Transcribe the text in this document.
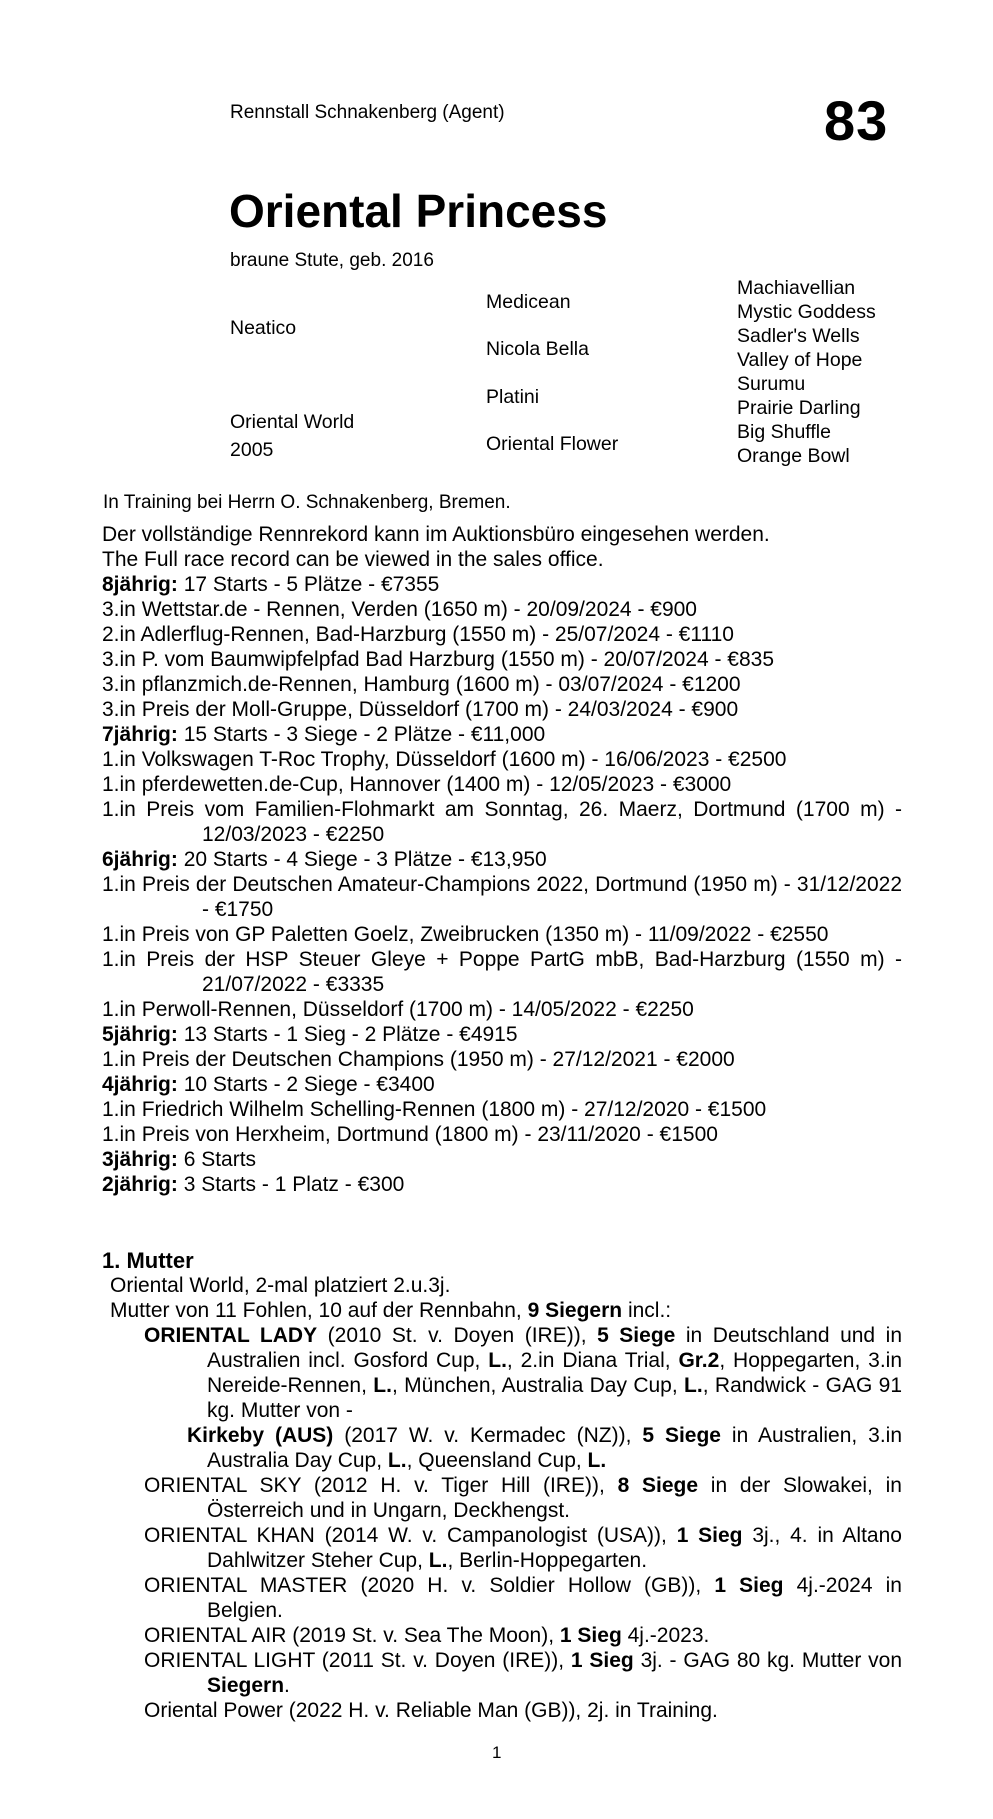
Rennstall Schnakenberg (Agent)	83
Oriental Princess
braune Stute, geb. 2016
Neatico
Oriental World
2005
Medicean
Nicola Bella
Platini
Oriental Flower
Machiavellian
Mystic Goddess
Sadler's Wells
Valley of Hope
Surumu
Prairie Darling
Big Shuffle
Orange Bowl
In Training bei Herrn O. Schnakenberg, Bremen.
Der vollständige Rennrekord kann im Auktionsbüro eingesehen werden.
The Full race record can be viewed in the sales office.
8jährig: 17 Starts - 5 Plätze - €7355
3.in Wettstar.de - Rennen, Verden (1650 m) - 20/09/2024 - €900
2.in Adlerflug-Rennen, Bad-Harzburg (1550 m) - 25/07/2024 - €1110
3.in P. vom Baumwipfelpfad Bad Harzburg (1550 m) - 20/07/2024 - €835
3.in pflanzmich.de-Rennen, Hamburg (1600 m) - 03/07/2024 - €1200
3.in Preis der Moll-Gruppe, Düsseldorf (1700 m) - 24/03/2024 - €900
7jährig: 15 Starts - 3 Siege - 2 Plätze - €11,000
1.in Volkswagen T-Roc Trophy, Düsseldorf (1600 m) - 16/06/2023 - €2500
1.in pferdewetten.de-Cup, Hannover (1400 m) - 12/05/2023 - €3000
1.in Preis vom Familien-Flohmarkt am Sonntag, 26. Maerz, Dortmund (1700 m) - 12/03/2023 - €2250
6jährig: 20 Starts - 4 Siege - 3 Plätze - €13,950
1.in Preis der Deutschen Amateur-Champions 2022, Dortmund (1950 m) - 31/12/2022 - €1750
1.in Preis von GP Paletten Goelz, Zweibrucken (1350 m) - 11/09/2022 - €2550
1.in Preis der HSP Steuer Gleye + Poppe PartG mbB, Bad-Harzburg (1550 m) - 21/07/2022 - €3335
1.in Perwoll-Rennen, Düsseldorf (1700 m) - 14/05/2022 - €2250
5jährig: 13 Starts - 1 Sieg - 2 Plätze - €4915
1.in Preis der Deutschen Champions (1950 m) - 27/12/2021 - €2000
4jährig: 10 Starts - 2 Siege - €3400
1.in Friedrich Wilhelm Schelling-Rennen (1800 m) - 27/12/2020 - €1500
1.in Preis von Herxheim, Dortmund (1800 m) - 23/11/2020 - €1500
3jährig: 6 Starts
2jährig: 3 Starts - 1 Platz - €300
1. Mutter
Oriental World, 2-mal platziert 2.u.3j.
Mutter von 11 Fohlen, 10 auf der Rennbahn, 9 Siegern incl.:
ORIENTAL LADY (2010 St. v. Doyen (IRE)), 5 Siege in Deutschland und in Australien incl. Gosford Cup, L., 2.in Diana Trial, Gr.2, Hoppegarten, 3.in Nereide-Rennen, L., München, Australia Day Cup, L., Randwick - GAG 91 kg. Mutter von -
Kirkeby (AUS) (2017 W. v. Kermadec (NZ)), 5 Siege in Australien, 3.in Australia Day Cup, L., Queensland Cup, L.
ORIENTAL SKY (2012 H. v. Tiger Hill (IRE)), 8 Siege in der Slowakei, in Österreich und in Ungarn, Deckhengst.
ORIENTAL KHAN (2014 W. v. Campanologist (USA)), 1 Sieg 3j., 4. in Altano Dahlwitzer Steher Cup, L., Berlin-Hoppegarten.
ORIENTAL MASTER (2020 H. v. Soldier Hollow (GB)), 1 Sieg 4j.-2024 in Belgien.
ORIENTAL AIR (2019 St. v. Sea The Moon), 1 Sieg 4j.-2023.
ORIENTAL LIGHT (2011 St. v. Doyen (IRE)), 1 Sieg 3j. - GAG 80 kg. Mutter von Siegern.
Oriental Power (2022 H. v. Reliable Man (GB)), 2j. in Training.
1
